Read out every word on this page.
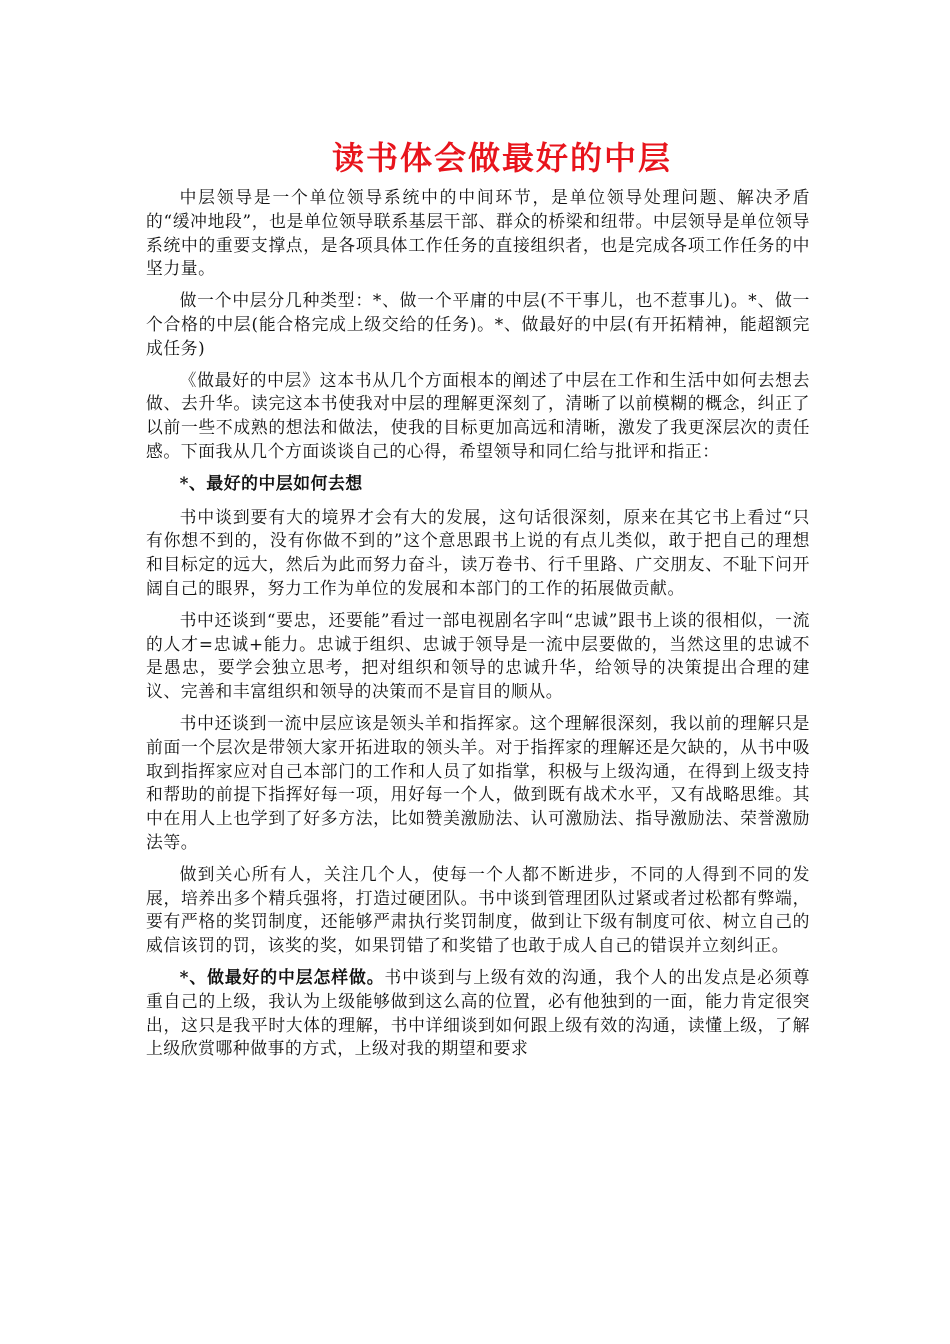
读书体会做最好的中层

中层领导是一个单位领导系统中的中间环节，是单位领导处理问题、解决矛盾的“缓冲地段”，也是单位领导联系基层干部、群众的桥梁和纽带。中层领导是单位领导系统中的重要支撑点，是各项具体工作任务的直接组织者，也是完成各项工作任务的中坚力量。

做一个中层分几种类型：*、做一个平庸的中层(不干事儿，也不惹事儿)。*、做一个合格的中层(能合格完成上级交给的任务)。*、做最好的中层(有开拓精神，能超额完成任务)

《做最好的中层》这本书从几个方面根本的阐述了中层在工作和生活中如何去想去做、去升华。读完这本书使我对中层的理解更深刻了，清晰了以前模糊的概念，纠正了以前一些不成熟的想法和做法，使我的目标更加高远和清晰，激发了我更深层次的责任感。下面我从几个方面谈谈自己的心得，希望领导和同仁给与批评和指正：

*、最好的中层如何去想

书中谈到要有大的境界才会有大的发展，这句话很深刻，原来在其它书上看过“只有你想不到的，没有你做不到的”这个意思跟书上说的有点儿类似，敢于把自己的理想和目标定的远大，然后为此而努力奋斗，读万卷书、行千里路、广交朋友、不耻下问开阔自己的眼界，努力工作为单位的发展和本部门的工作的拓展做贡献。

书中还谈到“要忠，还要能”看过一部电视剧名字叫“忠诚”跟书上谈的很相似，一流的人才=忠诚+能力。忠诚于组织、忠诚于领导是一流中层要做的，当然这里的忠诚不是愚忠，要学会独立思考，把对组织和领导的忠诚升华，给领导的决策提出合理的建议、完善和丰富组织和领导的决策而不是盲目的顺从。

书中还谈到一流中层应该是领头羊和指挥家。这个理解很深刻，我以前的理解只是前面一个层次是带领大家开拓进取的领头羊。对于指挥家的理解还是欠缺的，从书中吸取到指挥家应对自己本部门的工作和人员了如指掌，积极与上级沟通，在得到上级支持和帮助的前提下指挥好每一项，用好每一个人，做到既有战术水平，又有战略思维。其中在用人上也学到了好多方法，比如赞美激励法、认可激励法、指导激励法、荣誉激励法等。

做到关心所有人，关注几个人，使每一个人都不断进步，不同的人得到不同的发展，培养出多个精兵强将，打造过硬团队。书中谈到管理团队过紧或者过松都有弊端，要有严格的奖罚制度，还能够严肃执行奖罚制度，做到让下级有制度可依、树立自己的威信该罚的罚，该奖的奖，如果罚错了和奖错了也敢于成人自己的错误并立刻纠正。

*、做最好的中层怎样做。书中谈到与上级有效的沟通，我个人的出发点是必须尊重自己的上级，我认为上级能够做到这么高的位置，必有他独到的一面，能力肯定很突出，这只是我平时大体的理解，书中详细谈到如何跟上级有效的沟通，读懂上级，了解上级欣赏哪种做事的方式，上级对我的期望和要求
